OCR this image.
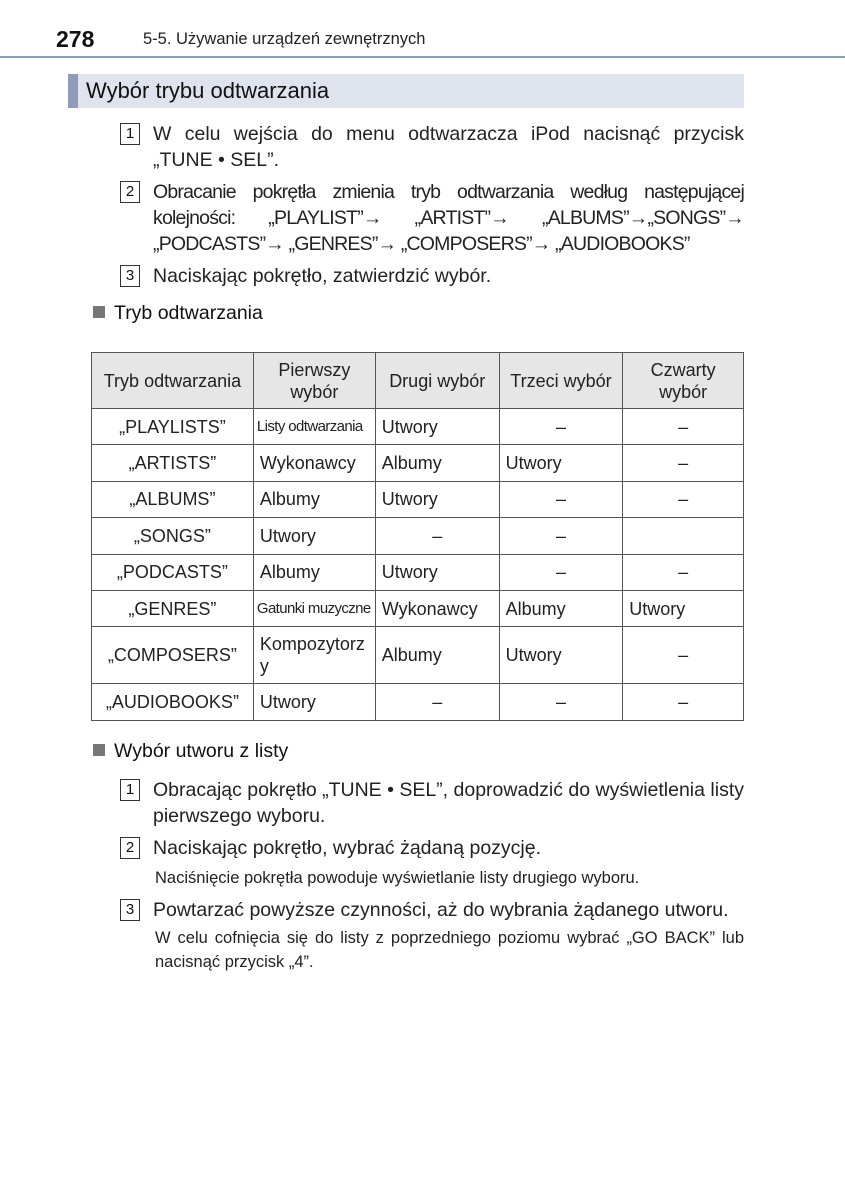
278	5-5. Używanie urządzeń zewnętrznych
Wybór trybu odtwarzania
1 W celu wejścia do menu odtwarzacza iPod nacisnąć przycisk „TUNE • SEL”.
2 Obracanie pokrętła zmienia tryb odtwarzania według następującej kolejności: „PLAYLIST”→ „ARTIST”→ „ALBUMS”→„SONGS”→ „PODCASTS”→ „GENRES”→ „COMPOSERS”→ „AUDIOBOOKS”
3 Naciskając pokrętło, zatwierdzić wybór.
Tryb odtwarzania
Tryb odtwarzania	Pierwszy wybór	Drugi wybór	Trzeci wybór	Czwarty wybór
„PLAYLISTS”	Listy odtwarzania	Utwory	–	–
„ARTISTS”	Wykonawcy	Albumy	Utwory	–
„ALBUMS”	Albumy	Utwory	–	–
„SONGS”	Utwory	–	–	
„PODCASTS”	Albumy	Utwory	–	–
„GENRES”	Gatunki muzyczne	Wykonawcy	Albumy	Utwory
„COMPOSERS”	Kompozytorzy	Albumy	Utwory	–
„AUDIOBOOKS”	Utwory	–	–	–
Wybór utworu z listy
1 Obracając pokrętło „TUNE • SEL”, doprowadzić do wyświetlenia listy pierwszego wyboru.
2 Naciskając pokrętło, wybrać żądaną pozycję.
Naciśnięcie pokrętła powoduje wyświetlanie listy drugiego wyboru.
3 Powtarzać powyższe czynności, aż do wybrania żądanego utworu.
W celu cofnięcia się do listy z poprzedniego poziomu wybrać „GO BACK” lub nacisnąć przycisk „4”.
